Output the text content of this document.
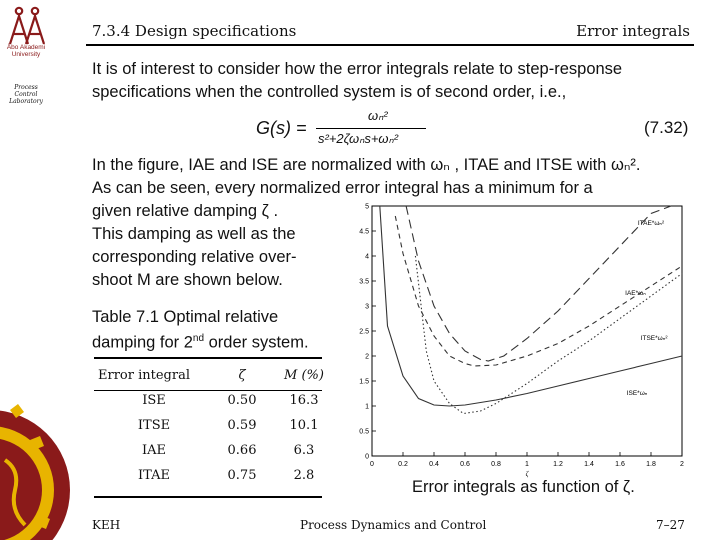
Åbo Akademi University
Process Control Laboratory
7.3.4 Design specifications	Error integrals
It is of interest to consider how the error integrals relate to step-response
specifications when the controlled system is of second order, i.e.,
G(s) =
ωₙ²
s²+2ζωₙs+ωₙ²
(7.32)
In the figure, IAE and ISE are normalized with ωₙ , ITAE and ITSE with ωₙ².
As can be seen, every normalized error integral has a minimum for a
given relative damping ζ .
This damping as well as the
corresponding relative over-
shoot M are shown below.
Table 7.1 Optimal relative
damping for 2nd order system.
Error integral	ζ	M (%)
ISE	0.50	16.3
ITSE	0.59	10.1
IAE	0.66	6.3
ITAE	0.75	2.8
0	0.2	0.4	0.6	0.8	1	1.2	1.4	1.6	1.8	2
0
0.5
1
1.5
2
2.5
3
3.5
4
4.5
5
ζ
ITAE*ωₙ²
IAE*ωₙ
ITSE*ωₙ²
ISE*ωₙ
Error integrals as function of ζ.
KEH	Process Dynamics and Control	7–27
